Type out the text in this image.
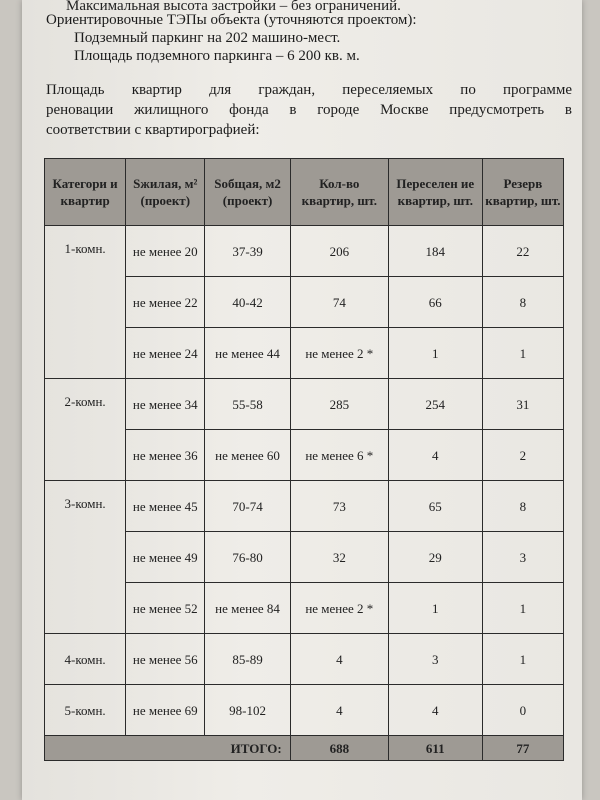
Максимальная высота застройки – без ограничений.
Ориентировочные ТЭПы объекта (уточняются проектом):
Подземный паркинг на 202 машино-мест.
Площадь подземного паркинга – 6 200 кв. м.
Площадь квартир для граждан, переселяемых по программе
реновации жилищного фонда в городе Москве предусмотреть в
соответствии с квартирографией:
Категори и квартир	Sжилая, м² (проект)	Sобщая, м2 (проект)	Кол-во квартир, шт.	Переселен ие квартир, шт.	Резерв квартир, шт.
1-комн.	не менее 20	37-39	206	184	22
	не менее 22	40-42	74	66	8
	не менее 24	не менее 44	не менее 2 *	1	1
2-комн.	не менее 34	55-58	285	254	31
	не менее 36	не менее 60	не менее 6 *	4	2
3-комн.	не менее 45	70-74	73	65	8
	не менее 49	76-80	32	29	3
	не менее 52	не менее 84	не менее 2 *	1	1
4-комн.	не менее 56	85-89	4	3	1
5-комн.	не менее 69	98-102	4	4	0
ИТОГО:			688	611	77
